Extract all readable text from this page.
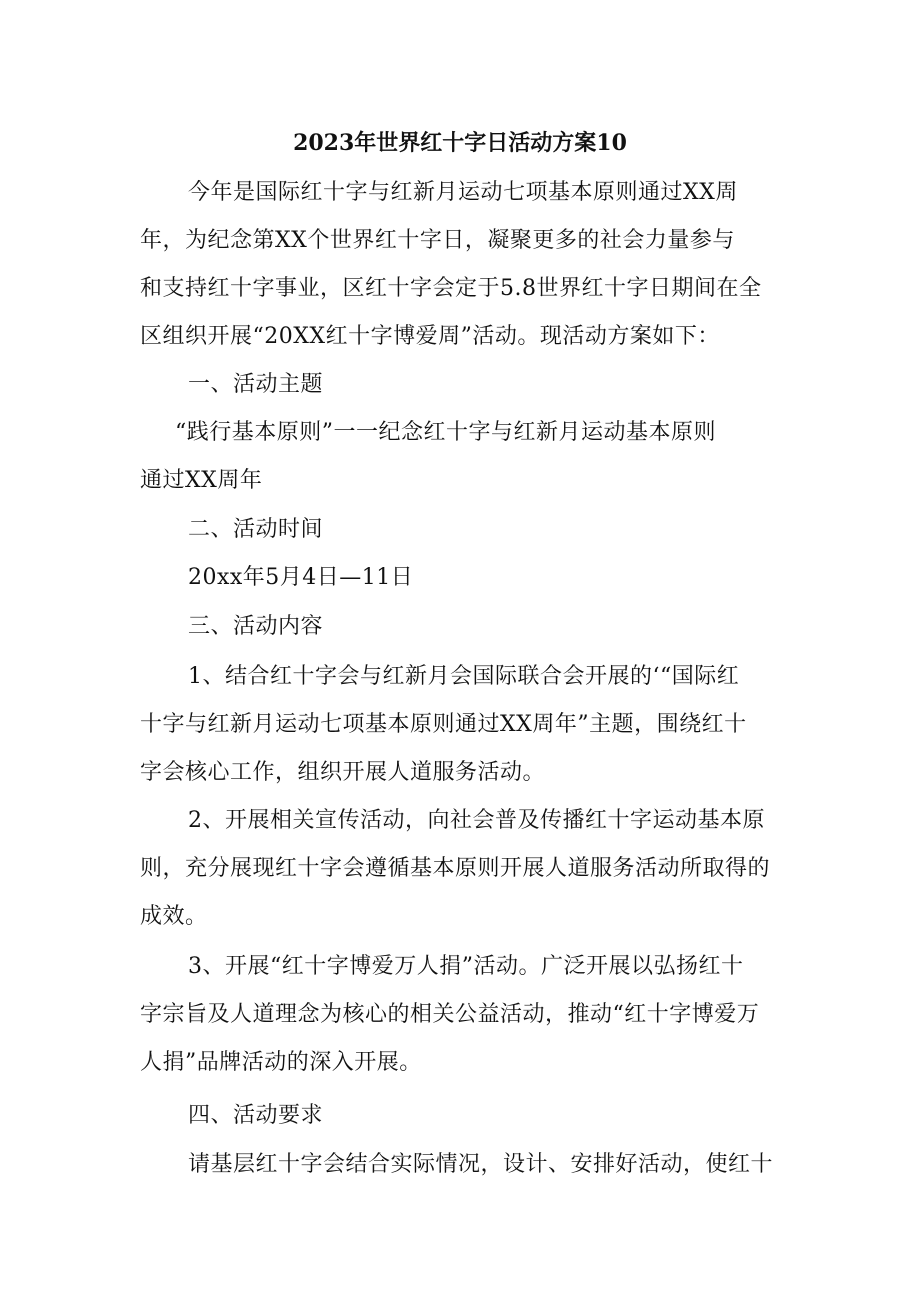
2023年世界红十字日活动方案10
今年是国际红十字与红新月运动七项基本原则通过XX周
年，为纪念第XX个世界红十字日，凝聚更多的社会力量参与
和支持红十字事业，区红十字会定于5.8世界红十字日期间在全
区组织开展“20XX红十字博爱周”活动。现活动方案如下：
一、活动主题
“践行基本原则”一一纪念红十字与红新月运动基本原则
通过XX周年
二、活动时间
20xx年5月4日—11日
三、活动内容
1、结合红十字会与红新月会国际联合会开展的‘“国际红
十字与红新月运动七项基本原则通过XX周年”主题，围绕红十
字会核心工作，组织开展人道服务活动。
2、开展相关宣传活动，向社会普及传播红十字运动基本原
则，充分展现红十字会遵循基本原则开展人道服务活动所取得的
成效。
3、开展“红十字博爱万人捐”活动。广泛开展以弘扬红十
字宗旨及人道理念为核心的相关公益活动，推动“红十字博爱万
人捐”品牌活动的深入开展。
四、活动要求
请基层红十字会结合实际情况，设计、安排好活动，使红十
